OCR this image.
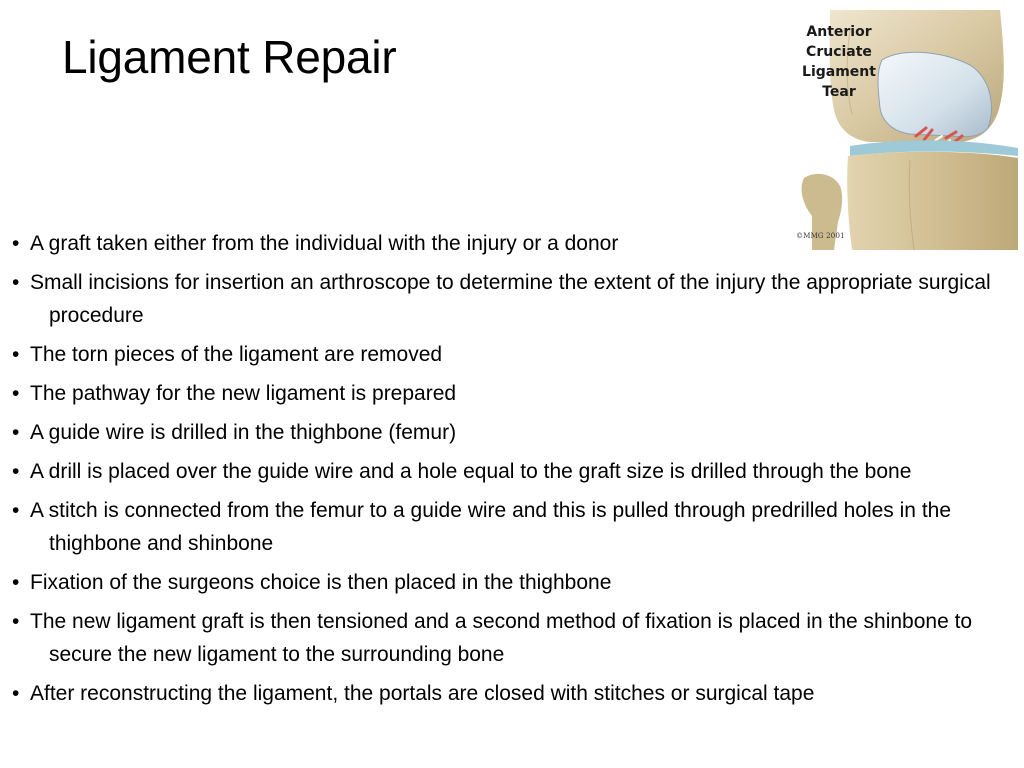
Ligament Repair	Anterior
Cruciate
Ligament
Tear
©MMG 2001
• A graft taken either from the individual with the injury or a donor
• Small incisions for insertion an arthroscope to determine the extent of the injury the appropriate surgical procedure
• The torn pieces of the ligament are removed
• The pathway for the new ligament is prepared
• A guide wire is drilled in the thighbone (femur)
• A drill is placed over the guide wire and a hole equal to the graft size is drilled through the bone
• A stitch is connected from the femur to a guide wire and this is pulled through predrilled holes in the thighbone and shinbone
• Fixation of the surgeons choice is then placed in the thighbone
• The new ligament graft is then tensioned and a second method of fixation is placed in the shinbone to secure the new ligament to the surrounding bone
• After reconstructing the ligament, the portals are closed with stitches or surgical tape
